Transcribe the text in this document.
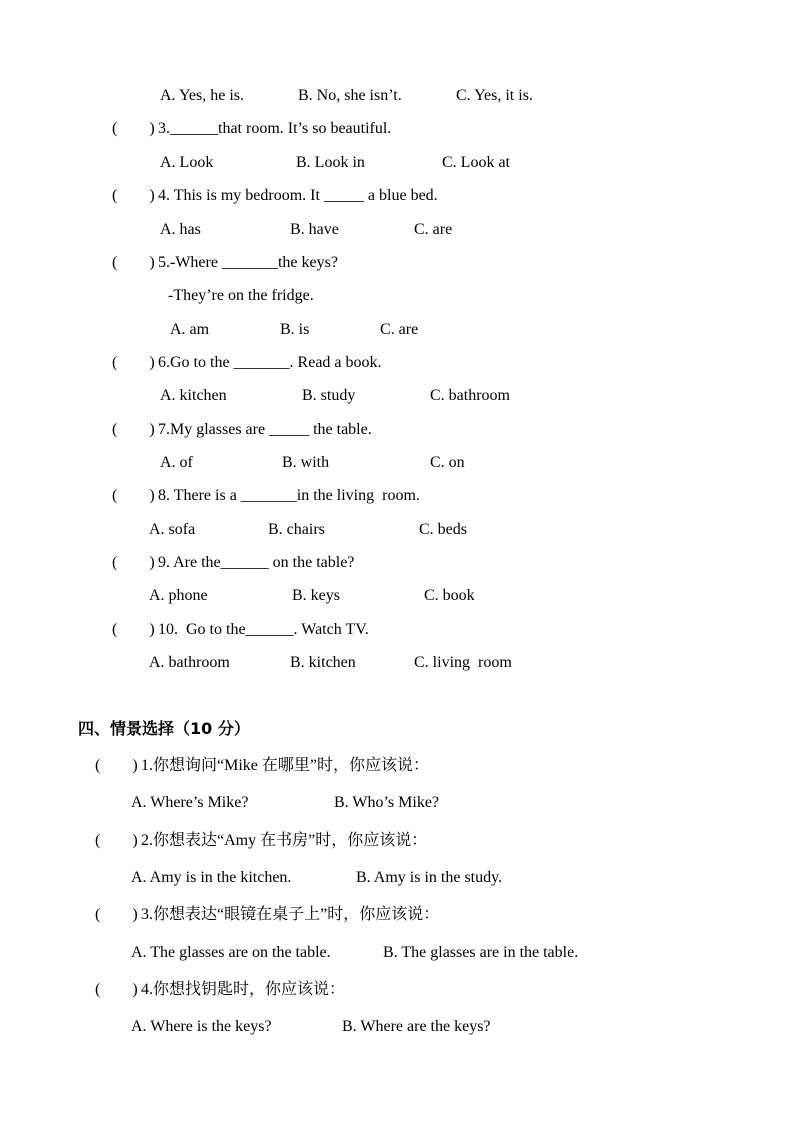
A. Yes, he is.	B. No, she isn’t.	C. Yes, it is.
(        ) 3.______that room. It’s so beautiful.
A. Look	B. Look in	C. Look at
(        ) 4. This is my bedroom. It _____ a blue bed.
A. has	B. have	C. are
(        ) 5.-Where _______the keys?
-They’re on the fridge.
A. am	B. is	C. are
(        ) 6.Go to the _______. Read a book.
A. kitchen	B. study	C. bathroom
(        ) 7.My glasses are _____ the table.
A. of	B. with	C. on
(        ) 8. There is a _______in the living  room.
A. sofa	B. chairs	C. beds
(        ) 9. Are the______ on the table?
A. phone	B. keys	C. book
(        ) 10.  Go to the______. Watch TV.
A. bathroom	B. kitchen	C. living  room
四、情景选择（10 分）
(        ) 1.你想询问“Mike 在哪里”时，你应该说：
A. Where’s Mike?	B. Who’s Mike?
(        ) 2.你想表达“Amy 在书房”时，你应该说：
A. Amy is in the kitchen.	B. Amy is in the study.
(        ) 3.你想表达“眼镜在桌子上”时，你应该说：
A. The glasses are on the table.	B. The glasses are in the table.
(        ) 4.你想找钥匙时，你应该说：
A. Where is the keys?	B. Where are the keys?
